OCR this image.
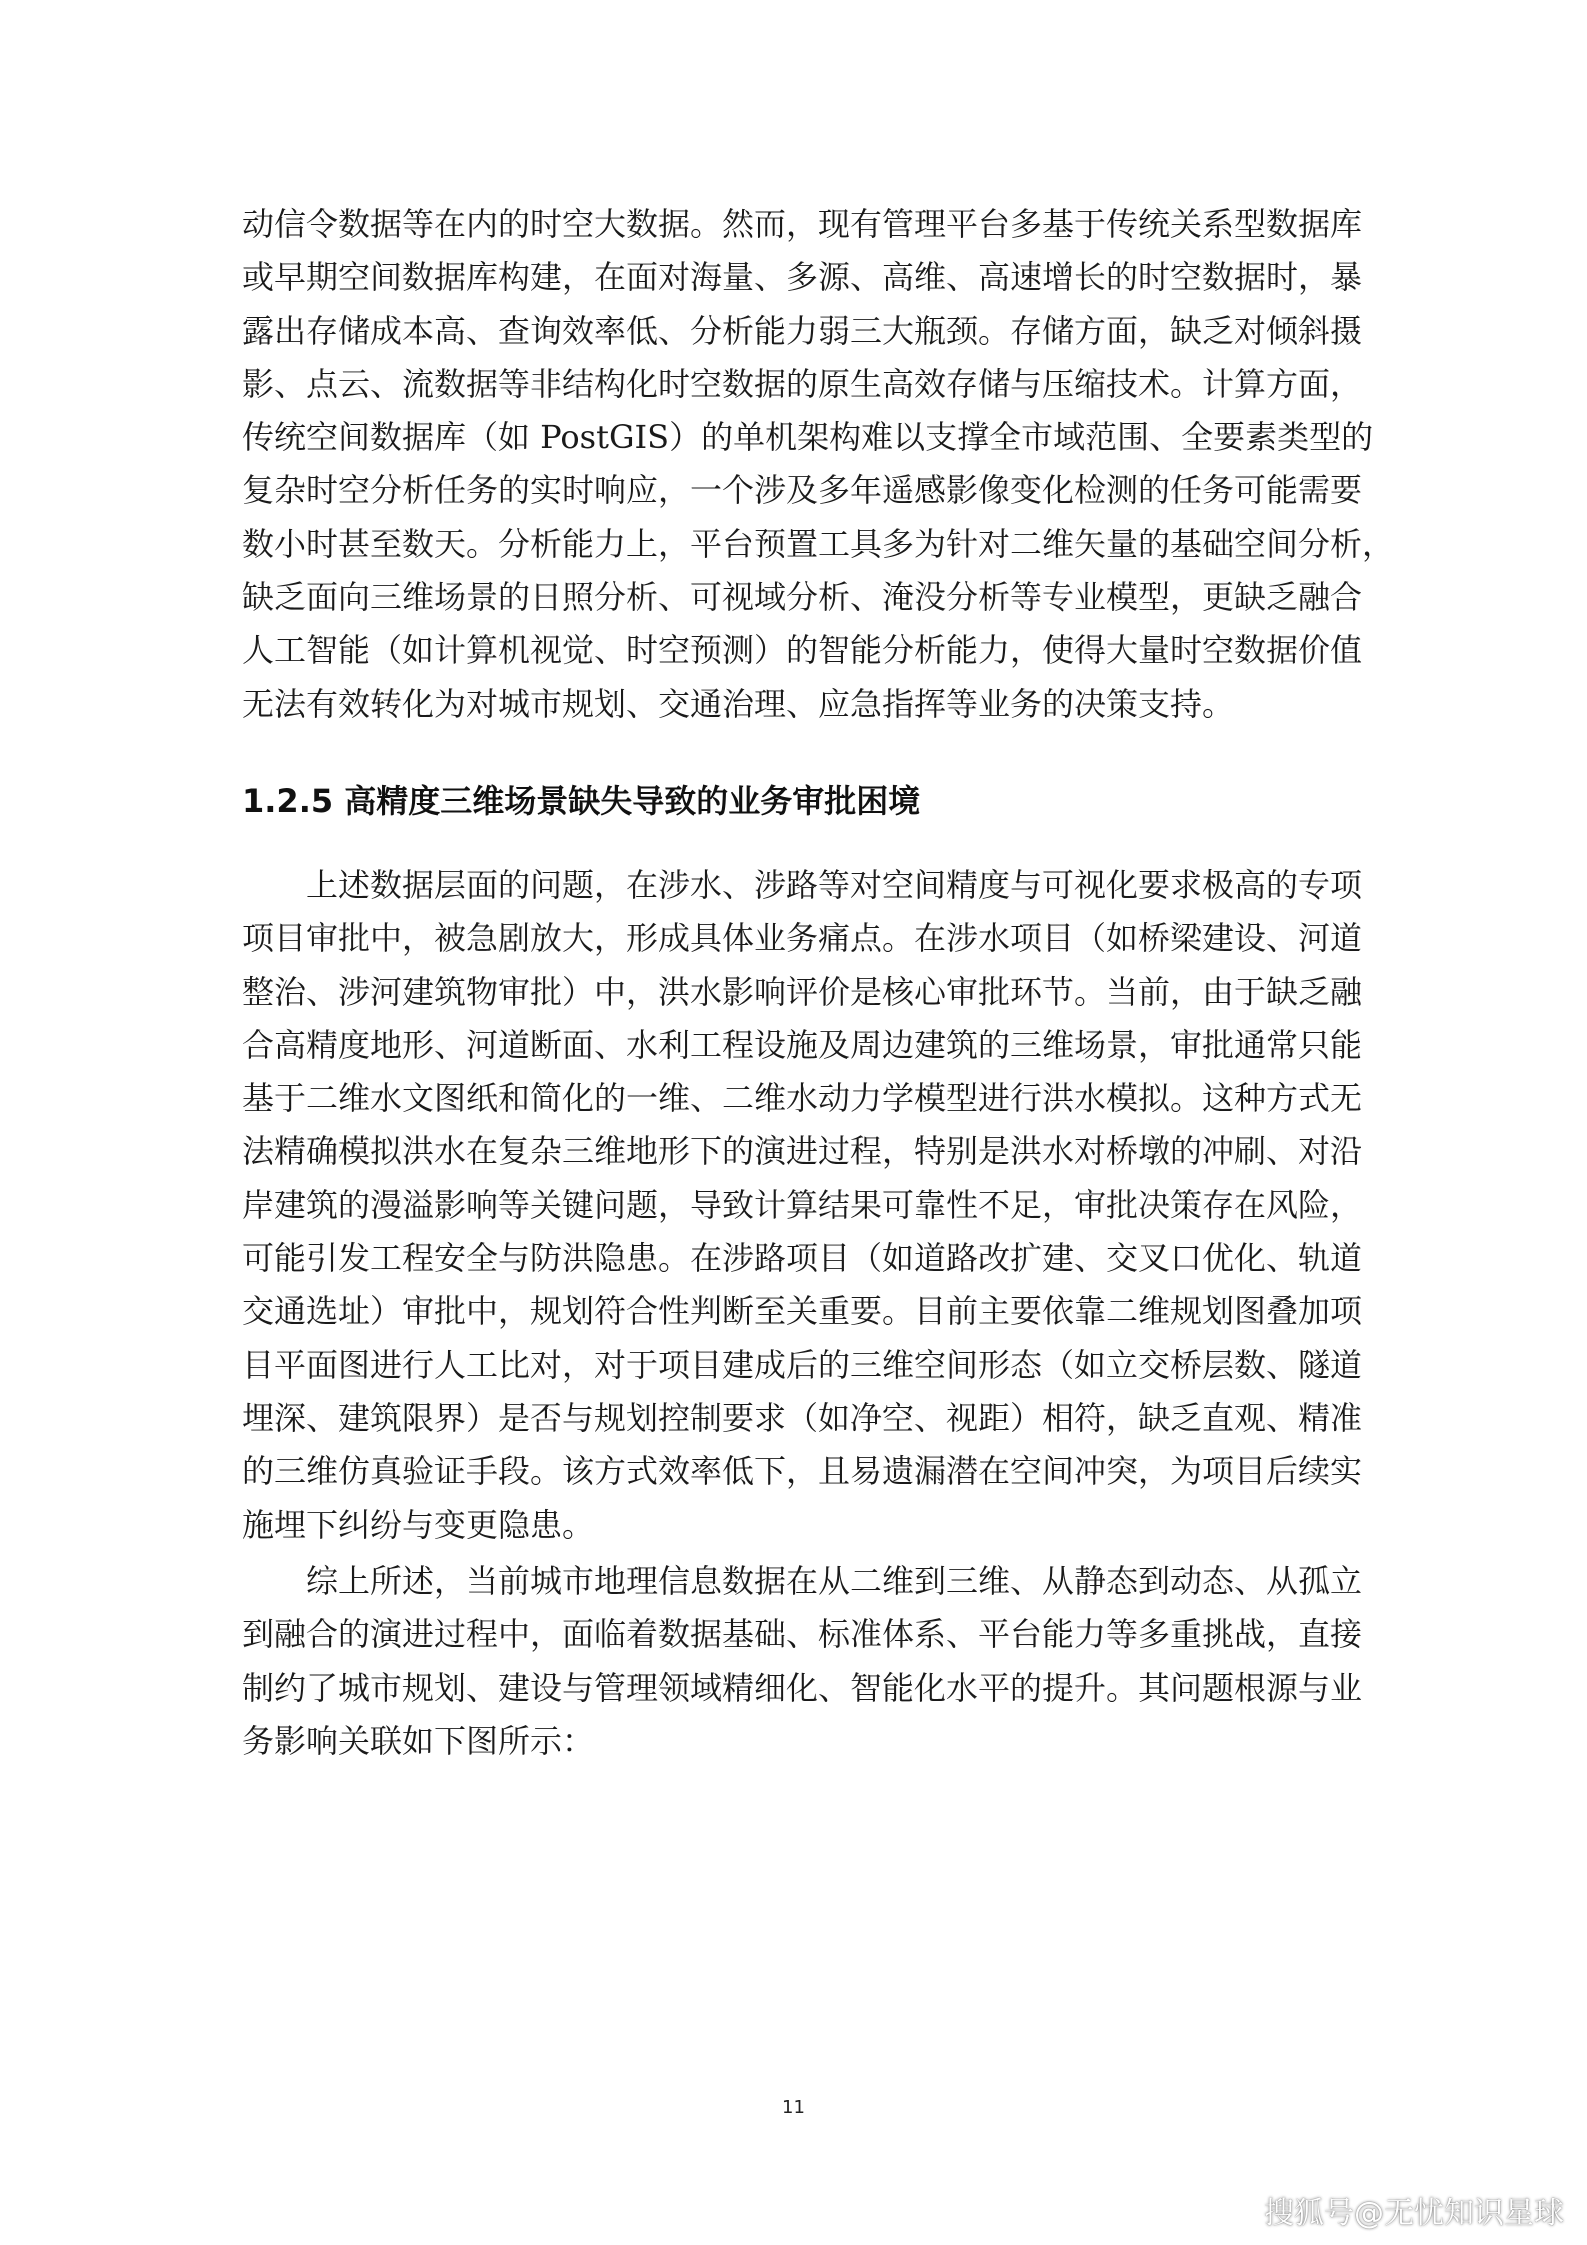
动信令数据等在内的时空大数据。然而，现有管理平台多基于传统关系型数据库
或早期空间数据库构建，在面对海量、多源、高维、高速增长的时空数据时，暴
露出存储成本高、查询效率低、分析能力弱三大瓶颈。存储方面，缺乏对倾斜摄
影、点云、流数据等非结构化时空数据的原生高效存储与压缩技术。计算方面，
传统空间数据库（如 PostGIS）的单机架构难以支撑全市域范围、全要素类型的
复杂时空分析任务的实时响应，一个涉及多年遥感影像变化检测的任务可能需要
数小时甚至数天。分析能力上，平台预置工具多为针对二维矢量的基础空间分析，
缺乏面向三维场景的日照分析、可视域分析、淹没分析等专业模型，更缺乏融合
人工智能（如计算机视觉、时空预测）的智能分析能力，使得大量时空数据价值
无法有效转化为对城市规划、交通治理、应急指挥等业务的决策支持。

1.2.5 高精度三维场景缺失导致的业务审批困境

　　上述数据层面的问题，在涉水、涉路等对空间精度与可视化要求极高的专项
项目审批中，被急剧放大，形成具体业务痛点。在涉水项目（如桥梁建设、河道
整治、涉河建筑物审批）中，洪水影响评价是核心审批环节。当前，由于缺乏融
合高精度地形、河道断面、水利工程设施及周边建筑的三维场景，审批通常只能
基于二维水文图纸和简化的一维、二维水动力学模型进行洪水模拟。这种方式无
法精确模拟洪水在复杂三维地形下的演进过程，特别是洪水对桥墩的冲刷、对沿
岸建筑的漫溢影响等关键问题，导致计算结果可靠性不足，审批决策存在风险，
可能引发工程安全与防洪隐患。在涉路项目（如道路改扩建、交叉口优化、轨道
交通选址）审批中，规划符合性判断至关重要。目前主要依靠二维规划图叠加项
目平面图进行人工比对，对于项目建成后的三维空间形态（如立交桥层数、隧道
埋深、建筑限界）是否与规划控制要求（如净空、视距）相符，缺乏直观、精准
的三维仿真验证手段。该方式效率低下，且易遗漏潜在空间冲突，为项目后续实
施埋下纠纷与变更隐患。

　　综上所述，当前城市地理信息数据在从二维到三维、从静态到动态、从孤立
到融合的演进过程中，面临着数据基础、标准体系、平台能力等多重挑战，直接
制约了城市规划、建设与管理领域精细化、智能化水平的提升。其问题根源与业
务影响关联如下图所示：

11
搜狐号@无忧知识星球
